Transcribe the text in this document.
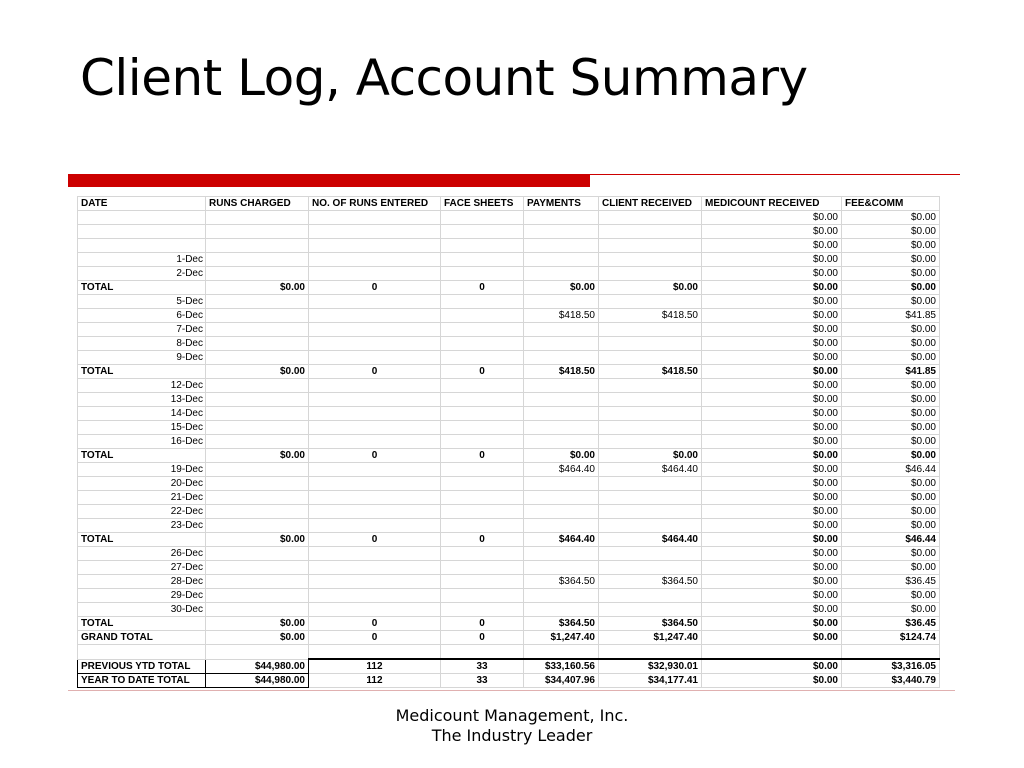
Client Log, Account Summary
DATE	RUNS CHARGED	NO. OF RUNS ENTERED	FACE SHEETS	PAYMENTS	CLIENT RECEIVED	MEDICOUNT RECEIVED	FEE&COMM
						$0.00	$0.00
						$0.00	$0.00
						$0.00	$0.00
1-Dec						$0.00	$0.00
2-Dec						$0.00	$0.00
TOTAL	$0.00	0	0	$0.00	$0.00	$0.00	$0.00
5-Dec						$0.00	$0.00
6-Dec				$418.50	$418.50	$0.00	$41.85
7-Dec						$0.00	$0.00
8-Dec						$0.00	$0.00
9-Dec						$0.00	$0.00
TOTAL	$0.00	0	0	$418.50	$418.50	$0.00	$41.85
12-Dec						$0.00	$0.00
13-Dec						$0.00	$0.00
14-Dec						$0.00	$0.00
15-Dec						$0.00	$0.00
16-Dec						$0.00	$0.00
TOTAL	$0.00	0	0	$0.00	$0.00	$0.00	$0.00
19-Dec				$464.40	$464.40	$0.00	$46.44
20-Dec						$0.00	$0.00
21-Dec						$0.00	$0.00
22-Dec						$0.00	$0.00
23-Dec						$0.00	$0.00
TOTAL	$0.00	0	0	$464.40	$464.40	$0.00	$46.44
26-Dec						$0.00	$0.00
27-Dec						$0.00	$0.00
28-Dec				$364.50	$364.50	$0.00	$36.45
29-Dec						$0.00	$0.00
30-Dec						$0.00	$0.00
TOTAL	$0.00	0	0	$364.50	$364.50	$0.00	$36.45
GRAND TOTAL	$0.00	0	0	$1,247.40	$1,247.40	$0.00	$124.74

PREVIOUS YTD TOTAL	$44,980.00	112	33	$33,160.56	$32,930.01	$0.00	$3,316.05
YEAR TO DATE TOTAL	$44,980.00	112	33	$34,407.96	$34,177.41	$0.00	$3,440.79
Medicount Management, Inc.
The Industry Leader
